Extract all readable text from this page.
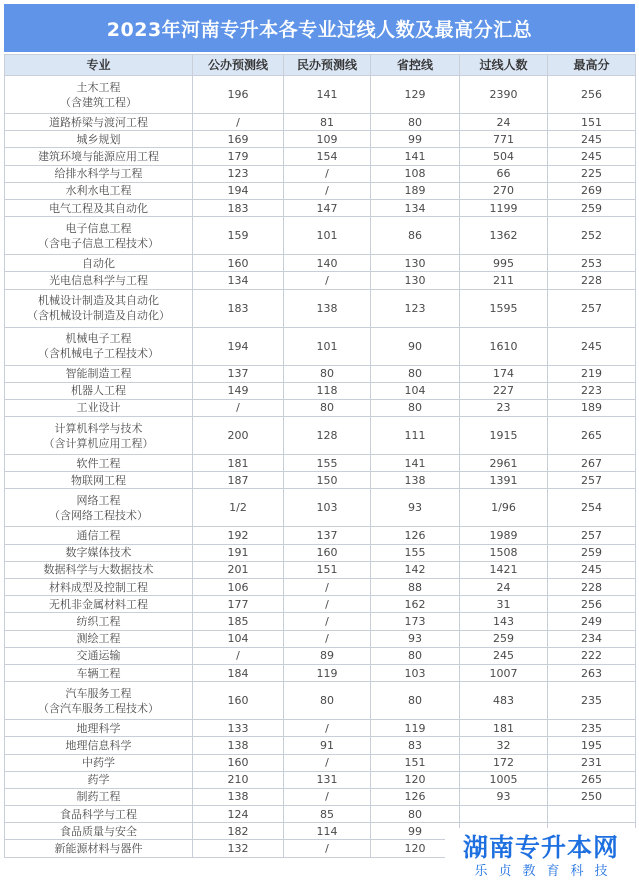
2023年河南专升本各专业过线人数及最高分汇总
专业	公办预测线	民办预测线	省控线	过线人数	最高分
土木工程
（含建筑工程）	196	141	129	2390	256
道路桥梁与渡河工程	/	81	80	24	151
城乡规划	169	109	99	771	245
建筑环境与能源应用工程	179	154	141	504	245
给排水科学与工程	123	/	108	66	225
水利水电工程	194	/	189	270	269
电气工程及其自动化	183	147	134	1199	259
电子信息工程
（含电子信息工程技术）	159	101	86	1362	252
自动化	160	140	130	995	253
光电信息科学与工程	134	/	130	211	228
机械设计制造及其自动化
（含机械设计制造及自动化）	183	138	123	1595	257
机械电子工程
（含机械电子工程技术）	194	101	90	1610	245
智能制造工程	137	80	80	174	219
机器人工程	149	118	104	227	223
工业设计	/	80	80	23	189
计算机科学与技术
（含计算机应用工程）	200	128	111	1915	265
软件工程	181	155	141	2961	267
物联网工程	187	150	138	1391	257
网络工程
（含网络工程技术）	1/2	103	93	1/96	254
通信工程	192	137	126	1989	257
数字媒体技术	191	160	155	1508	259
数据科学与大数据技术	201	151	142	1421	245
材料成型及控制工程	106	/	88	24	228
无机非金属材料工程	177	/	162	31	256
纺织工程	185	/	173	143	249
测绘工程	104	/	93	259	234
交通运输	/	89	80	245	222
车辆工程	184	119	103	1007	263
汽车服务工程
（含汽车服务工程技术）	160	80	80	483	235
地理科学	133	/	119	181	235
地理信息科学	138	91	83	32	195
中药学	160	/	151	172	231
药学	210	131	120	1005	265
制药工程	138	/	126	93	250
食品科学与工程	124	85	80		
食品质量与安全	182	114	99		
新能源材料与器件	132	/	120		湖南专升本网
乐贞教育科技
